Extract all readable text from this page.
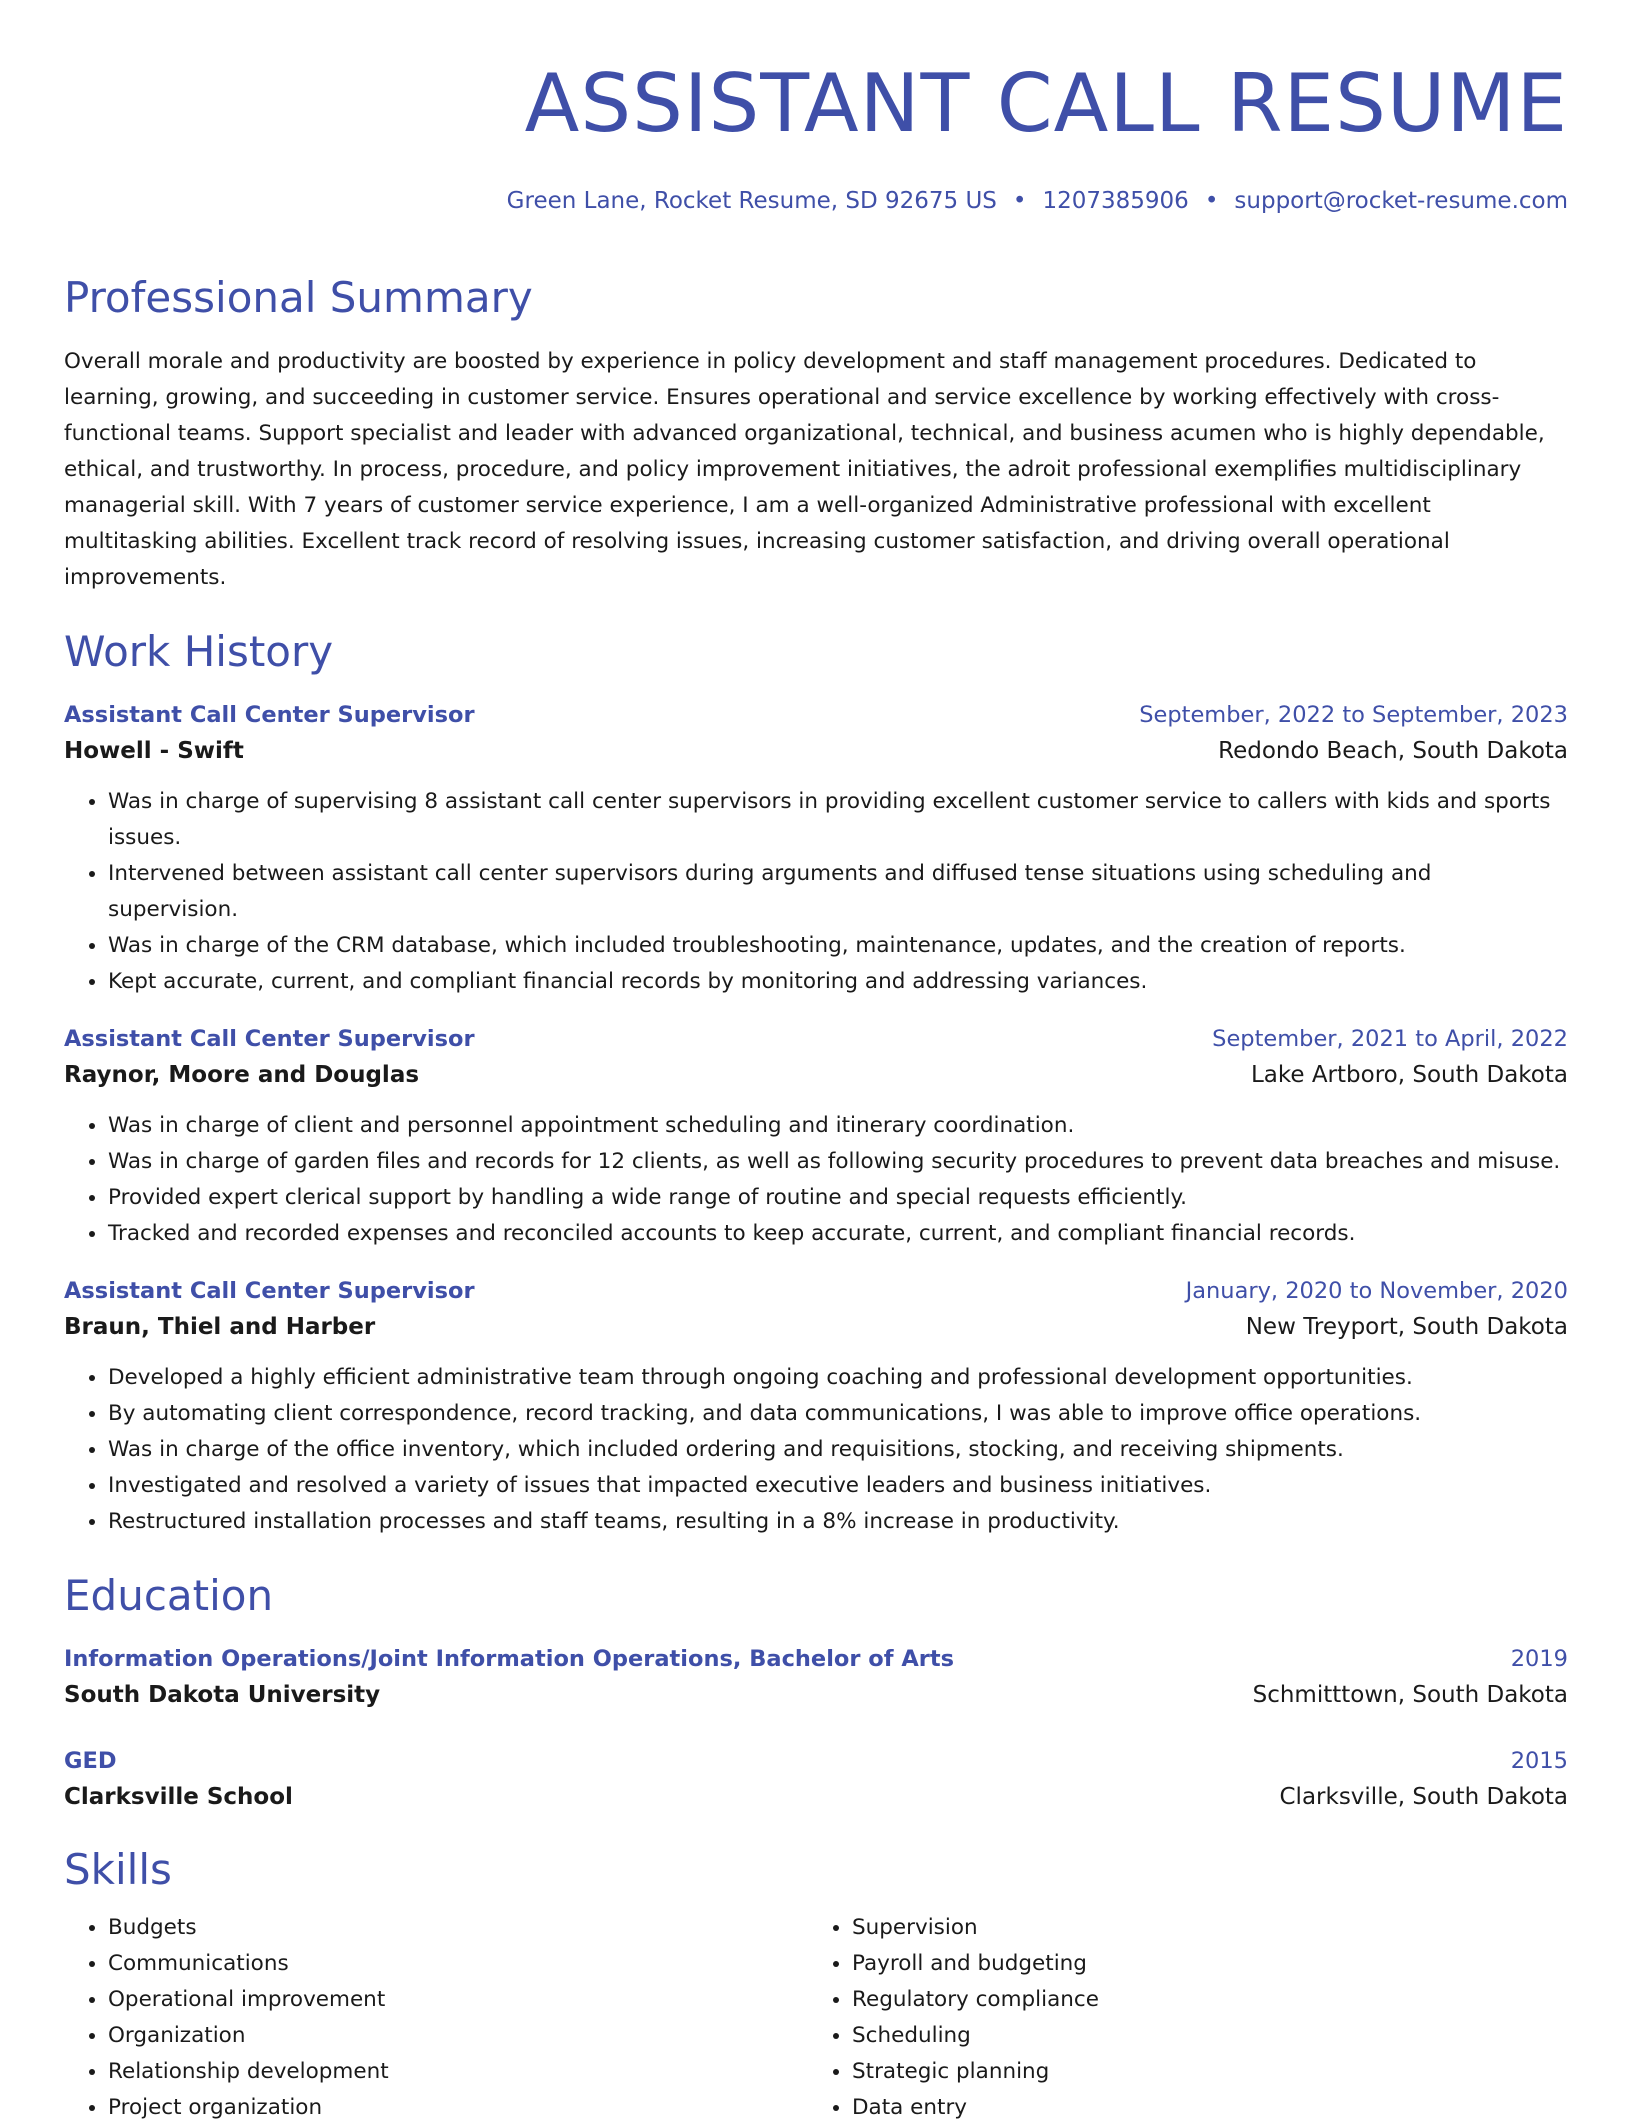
ASSISTANT CALL RESUME
Green Lane, Rocket Resume, SD 92675 US • 1207385906 • support@rocket-resume.com
Professional Summary
Overall morale and productivity are boosted by experience in policy development and staff management procedures. Dedicated to learning, growing, and succeeding in customer service. Ensures operational and service excellence by working effectively with cross-functional teams. Support specialist and leader with advanced organizational, technical, and business acumen who is highly dependable, ethical, and trustworthy. In process, procedure, and policy improvement initiatives, the adroit professional exemplifies multidisciplinary managerial skill. With 7 years of customer service experience, I am a well-organized Administrative professional with excellent multitasking abilities. Excellent track record of resolving issues, increasing customer satisfaction, and driving overall operational improvements.
Work History
Assistant Call Center Supervisor	September, 2022 to September, 2023
Howell - Swift	Redondo Beach, South Dakota
• Was in charge of supervising 8 assistant call center supervisors in providing excellent customer service to callers with kids and sports issues.
• Intervened between assistant call center supervisors during arguments and diffused tense situations using scheduling and supervision.
• Was in charge of the CRM database, which included troubleshooting, maintenance, updates, and the creation of reports.
• Kept accurate, current, and compliant financial records by monitoring and addressing variances.
Assistant Call Center Supervisor	September, 2021 to April, 2022
Raynor, Moore and Douglas	Lake Artboro, South Dakota
• Was in charge of client and personnel appointment scheduling and itinerary coordination.
• Was in charge of garden files and records for 12 clients, as well as following security procedures to prevent data breaches and misuse.
• Provided expert clerical support by handling a wide range of routine and special requests efficiently.
• Tracked and recorded expenses and reconciled accounts to keep accurate, current, and compliant financial records.
Assistant Call Center Supervisor	January, 2020 to November, 2020
Braun, Thiel and Harber	New Treyport, South Dakota
• Developed a highly efficient administrative team through ongoing coaching and professional development opportunities.
• By automating client correspondence, record tracking, and data communications, I was able to improve office operations.
• Was in charge of the office inventory, which included ordering and requisitions, stocking, and receiving shipments.
• Investigated and resolved a variety of issues that impacted executive leaders and business initiatives.
• Restructured installation processes and staff teams, resulting in a 8% increase in productivity.
Education
Information Operations/Joint Information Operations, Bachelor of Arts	2019
South Dakota University	Schmitttown, South Dakota
GED	2015
Clarksville School	Clarksville, South Dakota
Skills
• Budgets
• Communications
• Operational improvement
• Organization
• Relationship development
• Project organization
• Supervision
• Payroll and budgeting
• Regulatory compliance
• Scheduling
• Strategic planning
• Data entry
